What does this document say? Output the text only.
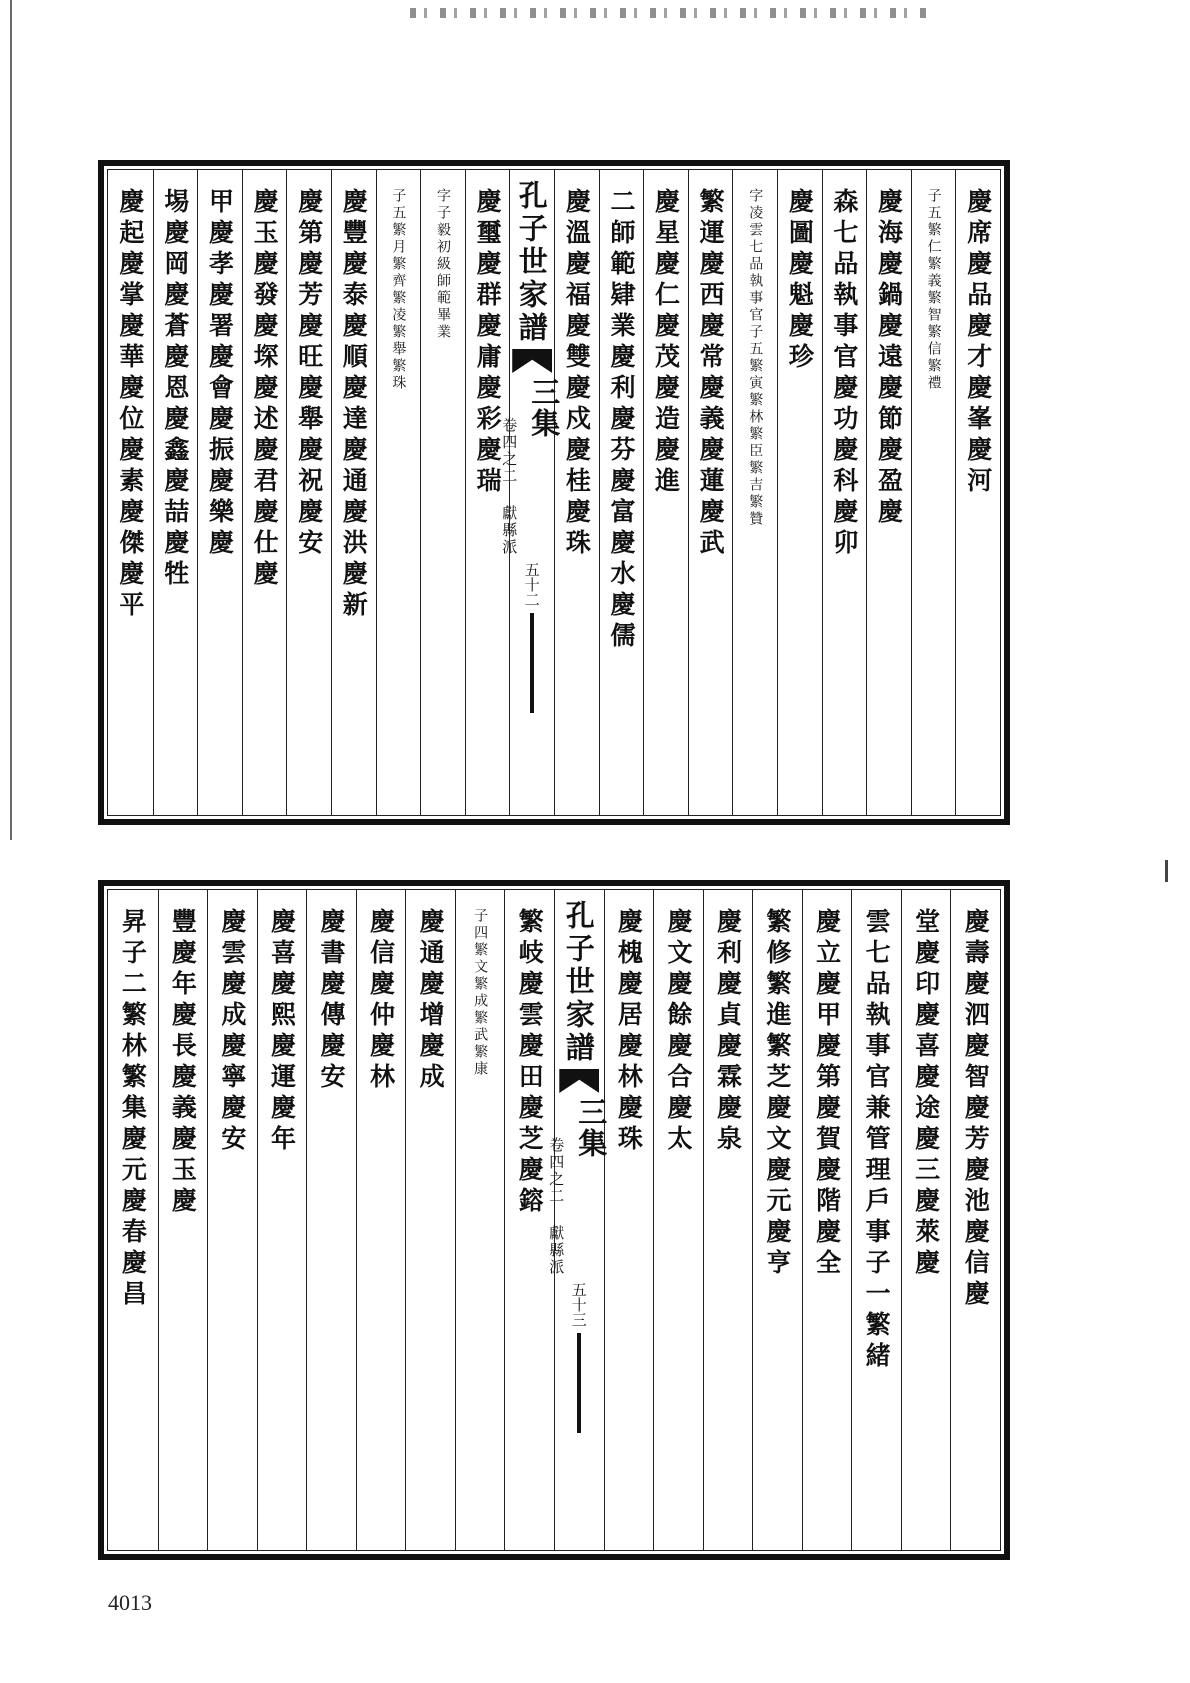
慶席慶品慶才慶峯慶河
子五繁仁繁義繁智繁信繁禮
慶海慶鍋慶遠慶節慶盈慶
森七品執事官慶功慶科慶卯
慶圖慶魁慶珍
字凌雲七品執事官子五繁寅繁林繁臣繁吉繁贊
繁運慶西慶常慶義慶蓮慶武
慶星慶仁慶茂慶造慶進
二師範肄業慶利慶芬慶富慶水慶儒
慶溫慶福慶雙慶戍慶桂慶珠
孔子世家譜
三集
卷四之二 獻縣派
五十二
慶璽慶群慶庸慶彩慶瑞
字子毅初級師範畢業
子五繁月繁齊繁凌繁舉繁珠
慶豐慶泰慶順慶達慶通慶洪慶新
慶第慶芳慶旺慶舉慶祝慶安
慶玉慶發慶堔慶述慶君慶仕慶
甲慶孝慶署慶會慶振慶樂慶
埸慶岡慶蒼慶恩慶鑫慶喆慶牲
慶起慶掌慶華慶位慶素慶傑慶平
慶壽慶泗慶智慶芳慶池慶信慶
堂慶印慶喜慶途慶三慶萊慶
雲七品執事官兼管理戶事子一繁緒
慶立慶甲慶第慶賀慶階慶全
繁修繁進繁芝慶文慶元慶亨
慶利慶貞慶霖慶泉
慶文慶餘慶合慶太
慶槐慶居慶林慶珠
孔子世家譜
三集
卷四之二 獻縣派
五十三
繁岐慶雲慶田慶芝慶鎔
子四繁文繁成繁武繁康
慶通慶增慶成
慶信慶仲慶林
慶書慶傳慶安
慶喜慶熙慶運慶年
慶雲慶成慶寧慶安
豐慶年慶長慶義慶玉慶
昇子二繁林繁集慶元慶春慶昌
4013
